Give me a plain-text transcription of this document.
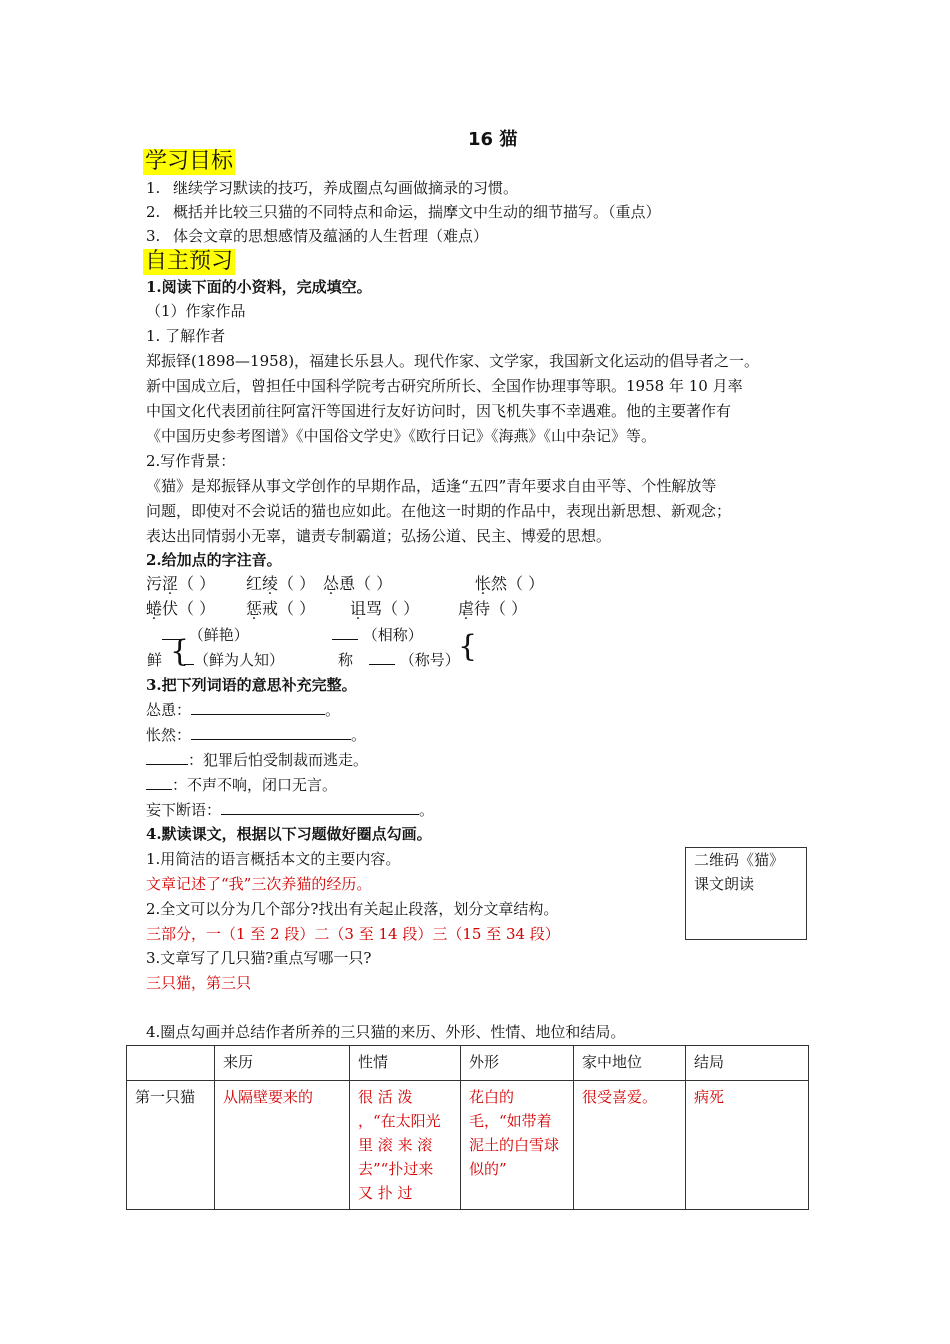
16 猫
学习目标
1. 继续学习默读的技巧，养成圈点勾画做摘录的习惯。
2. 概括并比较三只猫的不同特点和命运，揣摩文中生动的细节描写。（重点）
3. 体会文章的思想感情及蕴涵的人生哲理（难点）
自主预习
1.阅读下面的小资料，完成填空。
（1）作家作品
1. 了解作者
郑振铎(1898—1958)，福建长乐县人。现代作家、文学家，我国新文化运动的倡导者之一。
新中国成立后，曾担任中国科学院考古研究所所长、全国作协理事等职。1958 年 10 月率
中国文化代表团前往阿富汗等国进行友好访问时，因飞机失事不幸遇难。他的主要著作有
《中国历史参考图谱》《中国俗文学史》《欧行日记》《海燕》《山中杂记》等。
2.写作背景：
《猫》是郑振铎从事文学创作的早期作品，适逢“五四”青年要求自由平等、个性解放等
问题，即使对不会说话的猫也应如此。在他这一时期的作品中，表现出新思想、新观念；
表达出同情弱小无辜，谴责专制霸道；弘扬公道、民主、博爱的思想。
2.给加点的字注音。
污涩（ ） 红绫（ ） 怂恿（ ）	怅然（ ）
蜷伏（ ） 惩戒（ ） 诅骂（ ） 虐待（ ）
（鲜艳）
鲜 { （鲜为人知）
（相称）
称	（称号）
{
3.把下列词语的意思补充完整。
怂恿：	。
怅然：	。
：犯罪后怕受制裁而逃走。
：不声不响，闭口无言。
妄下断语：	。
4.默读课文，根据以下习题做好圈点勾画。
1.用简洁的语言概括本文的主要内容。
文章记述了“我”三次养猫的经历。
2.全文可以分为几个部分?找出有关起止段落，划分文章结构。
三部分，一（1 至 2 段）二（3 至 14 段）三（15 至 34 段）
3.文章写了几只猫?重点写哪一只?
三只猫，第三只
二维码《猫》
课文朗读
4.圈点勾画并总结作者所养的三只猫的来历、外形、性情、地位和结局。
	来历	性情	外形	家中地位	结局
第一只猫	从隔壁要来的	很 活 泼 ，“在太阳光里 滚 来 滚去”“扑过来 又 扑 过	花白的毛，“如带着泥土的白雪球似的”	很受喜爱。	病死
